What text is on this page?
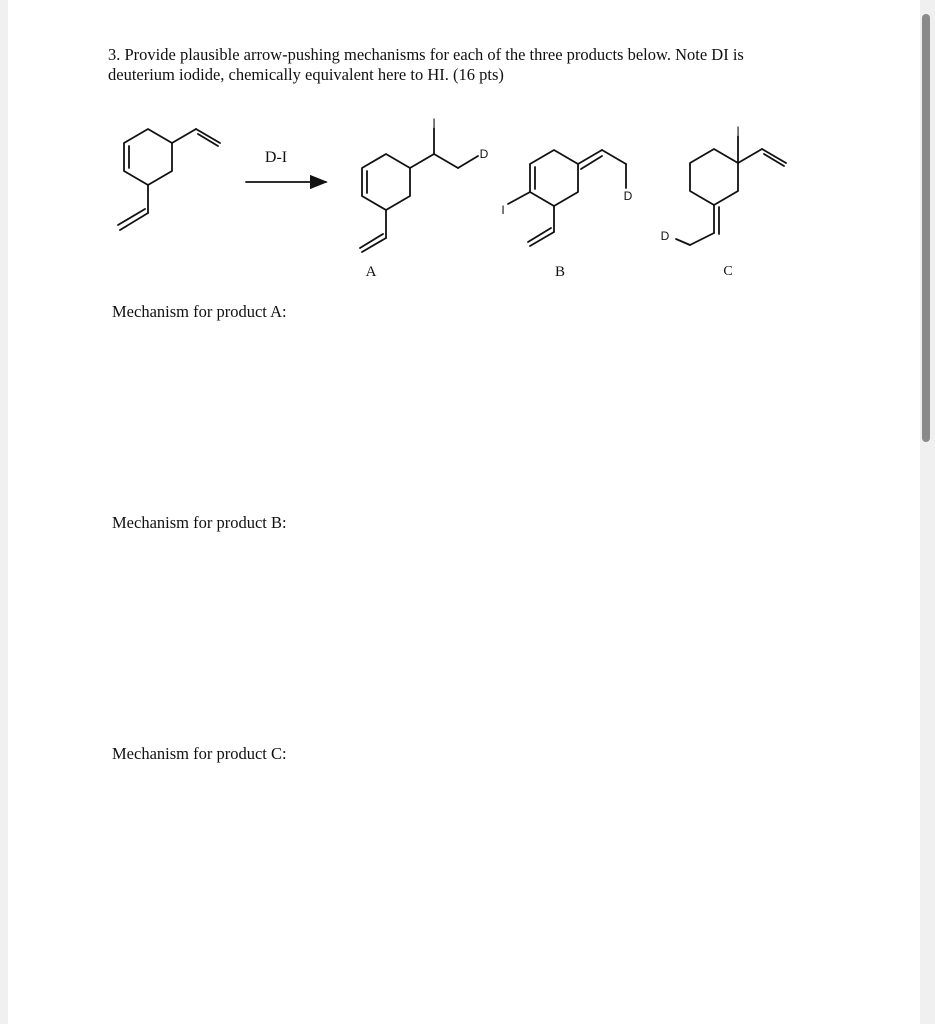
3. Provide plausible arrow-pushing mechanisms for each of the three products below. Note DI is
deuterium iodide, chemically equivalent here to HI. (16 pts)

D-I
A	B	C
I
D
D
I
I
D

Mechanism for product A:

Mechanism for product B:

Mechanism for product C:
